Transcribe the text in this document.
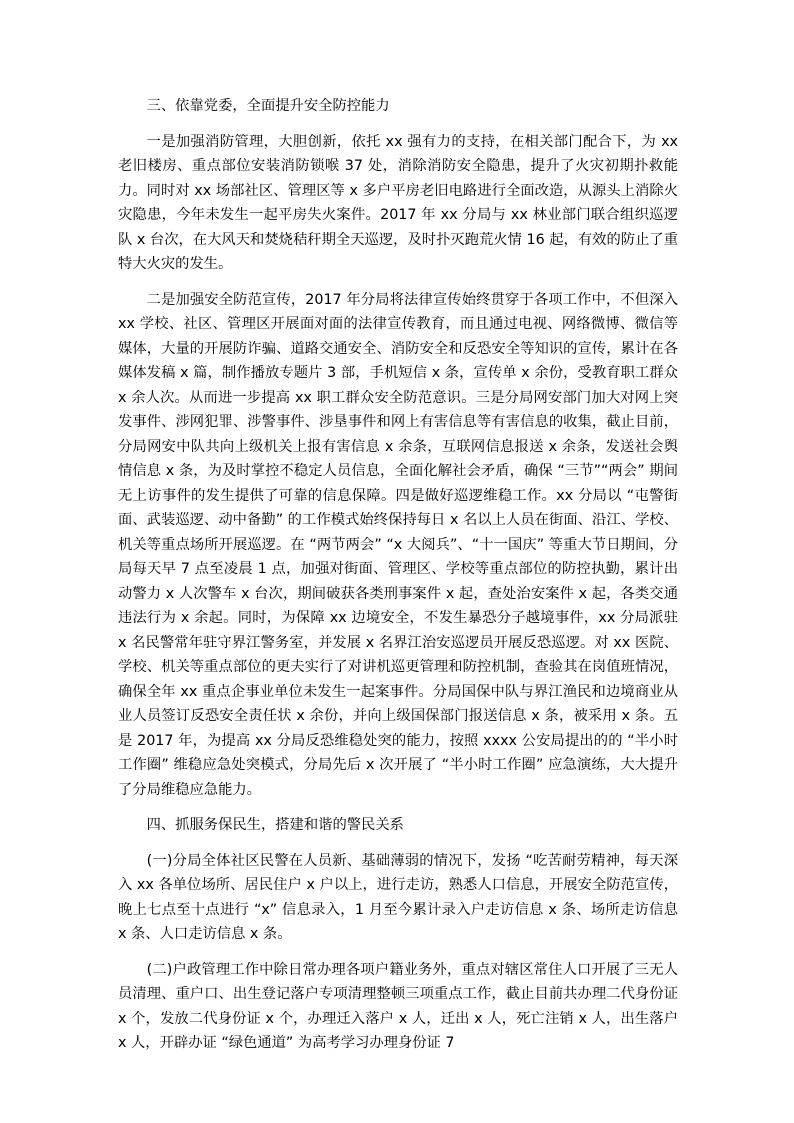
三、依靠党委，全面提升安全防控能力

一是加强消防管理，大胆创新，依托 xx 强有力的支持，在相关部门配合下，为 xx 老旧楼房、重点部位安装消防锁喉 37 处，消除消防安全隐患，提升了火灾初期扑救能力。同时对 xx 场部社区、管理区等 x 多户平房老旧电路进行全面改造，从源头上消除火灾隐患，今年未发生一起平房失火案件。2017 年 xx 分局与 xx 林业部门联合组织巡逻队 x 台次，在大风天和焚烧秸秆期全天巡逻，及时扑灭跑荒火情 16 起，有效的防止了重特大火灾的发生。

二是加强安全防范宣传，2017 年分局将法律宣传始终贯穿于各项工作中，不但深入 xx 学校、社区、管理区开展面对面的法律宣传教育，而且通过电视、网络微博、微信等媒体，大量的开展防诈骗、道路交通安全、消防安全和反恐安全等知识的宣传，累计在各媒体发稿 x 篇，制作播放专题片 3 部，手机短信 x 条，宣传单 x 余份，受教育职工群众 x 余人次。从而进一步提高 xx 职工群众安全防范意识。三是分局网安部门加大对网上突发事件、涉网犯罪、涉警事件、涉垦事件和网上有害信息等有害信息的收集，截止目前，分局网安中队共向上级机关上报有害信息 x 余条，互联网信息报送 x 余条，发送社会舆情信息 x 条，为及时掌控不稳定人员信息，全面化解社会矛盾，确保 “三节”“两会” 期间无上访事件的发生提供了可靠的信息保障。四是做好巡逻维稳工作。xx 分局以 “屯警街面、武装巡逻、动中备勤” 的工作模式始终保持每日 x 名以上人员在街面、沿江、学校、机关等重点场所开展巡逻。在 “两节两会” “x 大阅兵”、“十一国庆” 等重大节日期间，分局每天早 7 点至凌晨 1 点，加强对街面、管理区、学校等重点部位的防控执勤，累计出动警力 x 人次警车 x 台次，期间破获各类刑事案件 x 起，查处治安案件 x 起，各类交通违法行为 x 余起。同时，为保障 xx 边境安全，不发生暴恐分子越境事件，xx 分局派驻 x 名民警常年驻守界江警务室，并发展 x 名界江治安巡逻员开展反恐巡逻。对 xx 医院、学校、机关等重点部位的更夫实行了对讲机巡更管理和防控机制，查验其在岗值班情况，确保全年 xx 重点企事业单位未发生一起案事件。分局国保中队与界江渔民和边境商业从业人员签订反恐安全责任状 x 余份，并向上级国保部门报送信息 x 条，被采用 x 条。五是 2017 年，为提高 xx 分局反恐维稳处突的能力，按照 xxxx 公安局提出的的 “半小时工作圈” 维稳应急处突模式，分局先后 x 次开展了 “半小时工作圈” 应急演练，大大提升了分局维稳应急能力。

四、抓服务保民生，搭建和谐的警民关系

(一)分局全体社区民警在人员新、基础薄弱的情况下，发扬 “吃苦耐劳精神，每天深入 xx 各单位场所、居民住户 x 户以上，进行走访，熟悉人口信息，开展安全防范宣传，晚上七点至十点进行 “x” 信息录入，1 月至今累计录入户走访信息 x 条、场所走访信息 x 条、人口走访信息 x 条。

(二)户政管理工作中除日常办理各项户籍业务外，重点对辖区常住人口开展了三无人员清理、重户口、出生登记落户专项清理整顿三项重点工作，截止目前共办理二代身份证 x 个，发放二代身份证 x 个，办理迁入落户 x 人，迁出 x 人，死亡注销 x 人，出生落户 x 人，开辟办证 “绿色通道” 为高考学习办理身份证 7
